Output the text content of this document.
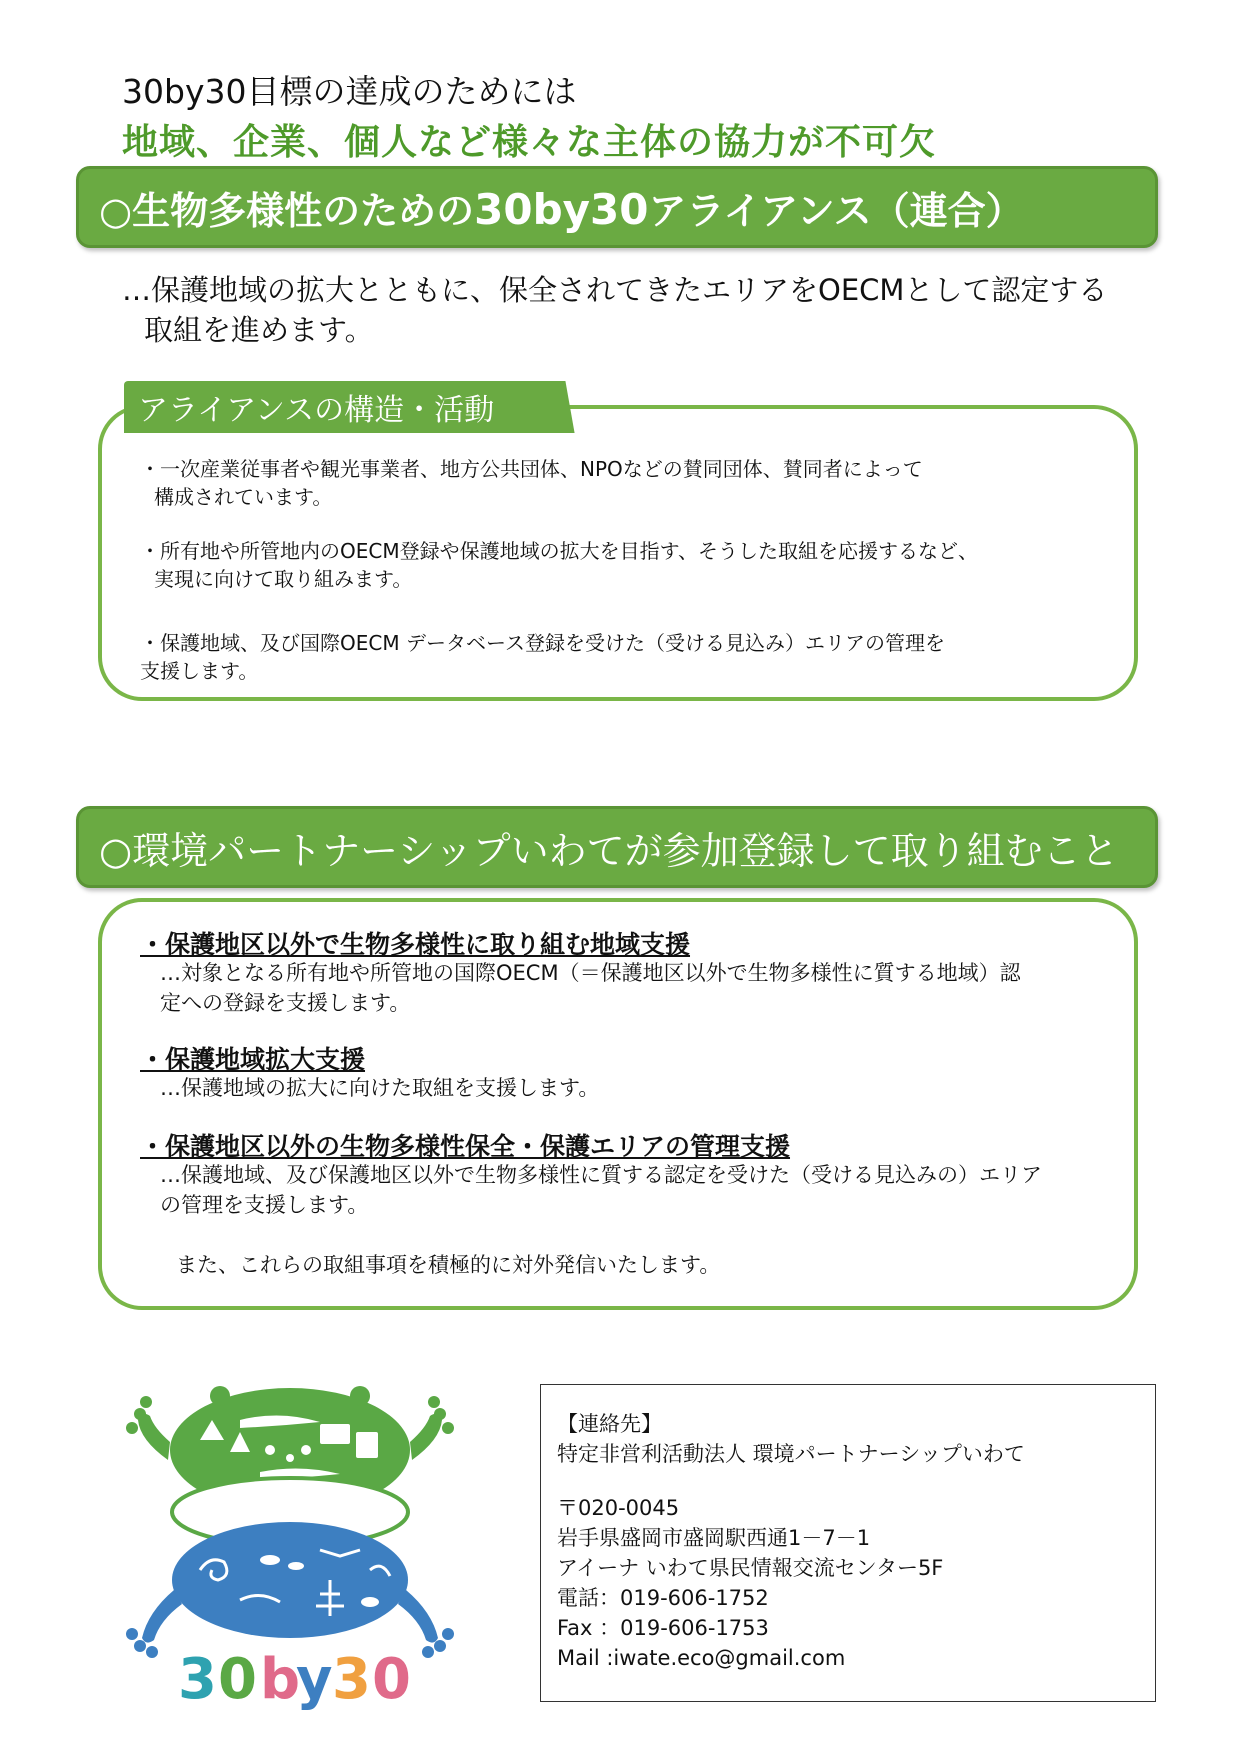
30by30目標の達成のためには
地域、企業、個人など様々な主体の協力が不可欠
○生物多様性のための30by30アライアンス（連合）
…保護地域の拡大とともに、保全されてきたエリアをOECMとして認定する
取組を進めます。
アライアンスの構造・活動
・一次産業従事者や観光事業者、地方公共団体、NPOなどの賛同団体、賛同者によって
構成されています。
・所有地や所管地内のOECM登録や保護地域の拡大を目指す、そうした取組を応援するなど、
実現に向けて取り組みます。
・保護地域、及び国際OECM データベース登録を受けた（受ける見込み）エリアの管理を
支援します。
○環境パートナーシップいわてが参加登録して取り組むこと
・保護地区以外で生物多様性に取り組む地域支援
…対象となる所有地や所管地の国際OECM（＝保護地区以外で生物多様性に質する地域）認
定への登録を支援します。
・保護地域拡大支援
…保護地域の拡大に向けた取組を支援します。
・保護地区以外の生物多様性保全・保護エリアの管理支援
…保護地域、及び保護地区以外で生物多様性に質する認定を受けた（受ける見込みの）エリア
の管理を支援します。
また、これらの取組事項を積極的に対外発信いたします。
3 0 b
y 3 0
【連絡先】
特定非営利活動法人 環境パートナーシップいわて
〒020-0045
岩手県盛岡市盛岡駅西通1－7－1
アイーナ いわて県民情報交流センター5F
電話：019-606-1752
Fax ：019-606-1753
Mail :iwate.eco@gmail.com
